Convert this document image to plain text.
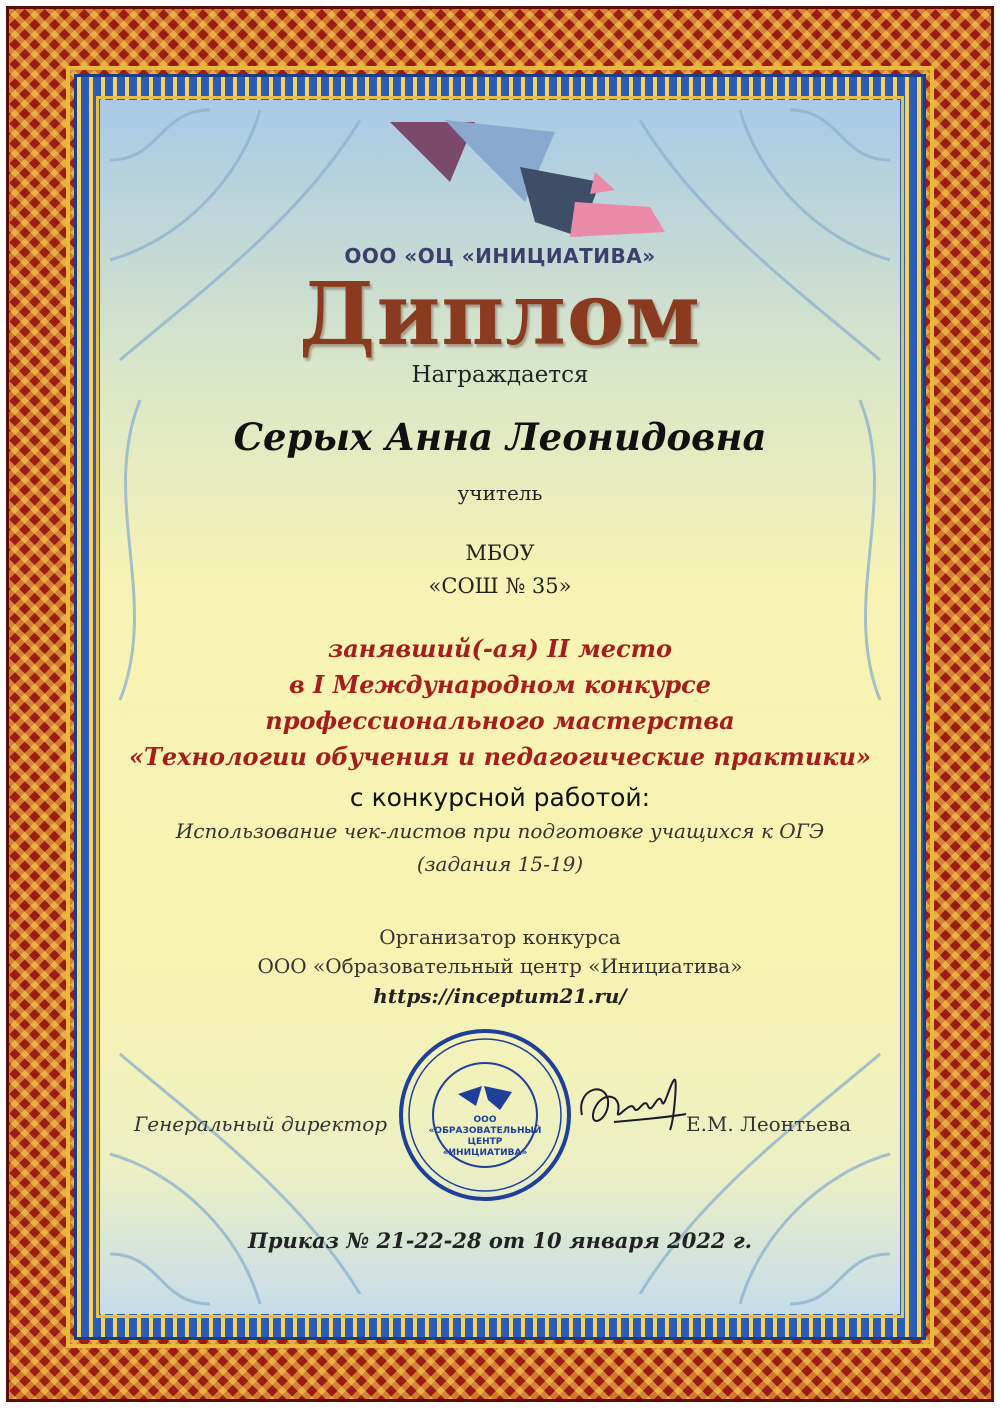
ООО «ОЦ «ИНИЦИАТИВА»
Диплом
Награждается
Серых Анна Леонидовна
учитель
МБОУ
«СОШ № 35»
занявший(-ая) II место
в I Международном конкурсе
профессионального мастерства
«Технологии обучения и педагогические практики»
с конкурсной работой:
Использование чек-листов при подготовке учащихся к ОГЭ
(задания 15-19)
Организатор конкурса
ООО «Образовательный центр «Инициатива»
https://inceptum21.ru/
Генеральный директор	ООО
«ОБРАЗОВАТЕЛЬНЫЙ
ЦЕНТР
«ИНИЦИАТИВА»
Е.М. Леонтьева
Приказ № 21-22-28 от 10 января 2022 г.
